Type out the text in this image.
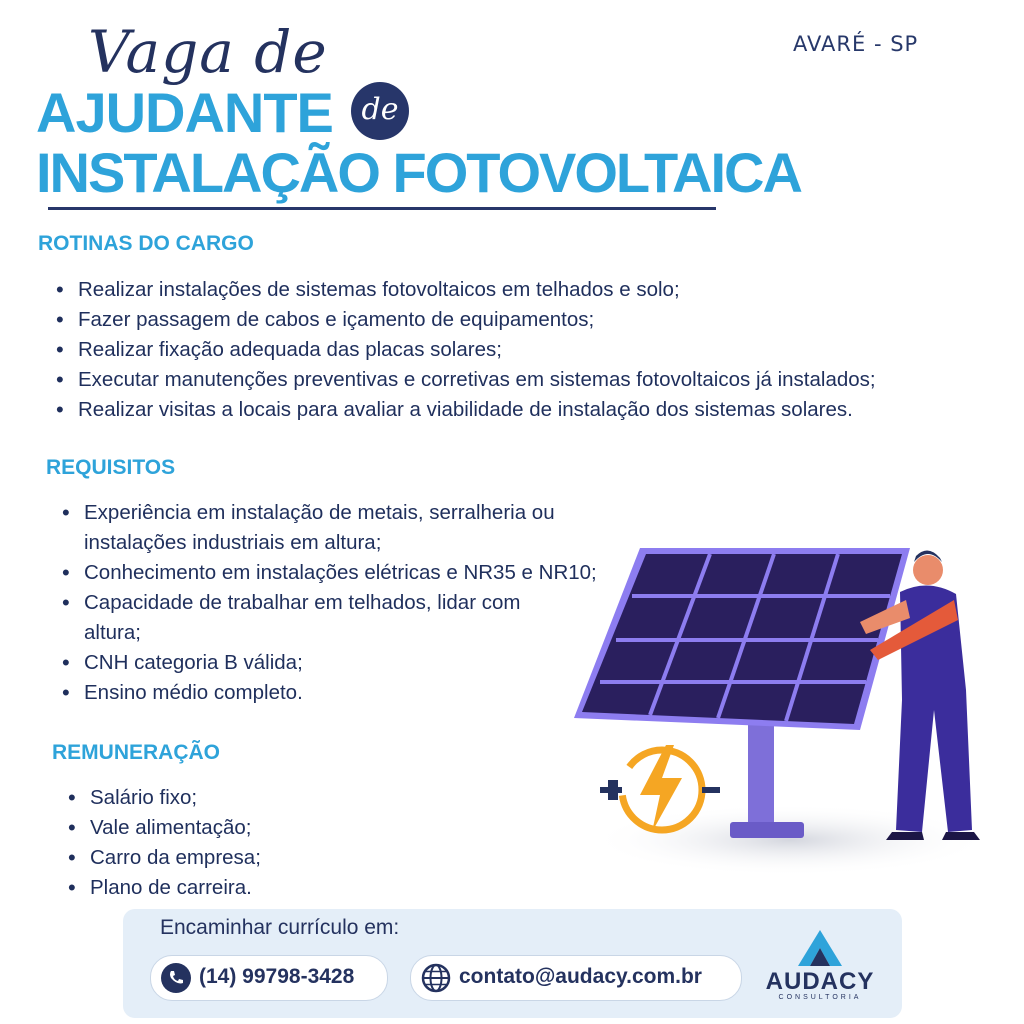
Vaga de	AVARÉ - SP
AJUDANTE de
INSTALAÇÃO FOTOVOLTAICA
ROTINAS DO CARGO
• Realizar instalações de sistemas fotovoltaicos em telhados e solo;
• Fazer passagem de cabos e içamento de equipamentos;
• Realizar fixação adequada das placas solares;
• Executar manutenções preventivas e corretivas em sistemas fotovoltaicos já instalados;
• Realizar visitas a locais para avaliar a viabilidade de instalação dos sistemas solares.
REQUISITOS
• Experiência em instalação de metais, serralheria ou instalações industriais em altura;
• Conhecimento em instalações elétricas e NR35 e NR10;
• Capacidade de trabalhar em telhados, lidar com altura;
• CNH categoria B válida;
• Ensino médio completo.
REMUNERAÇÃO
• Salário fixo;
• Vale alimentação;
• Carro da empresa;
• Plano de carreira.
Encaminhar currículo em:
(14) 99798-3428	contato@audacy.com.br	AUDACY
CONSULTORIA
